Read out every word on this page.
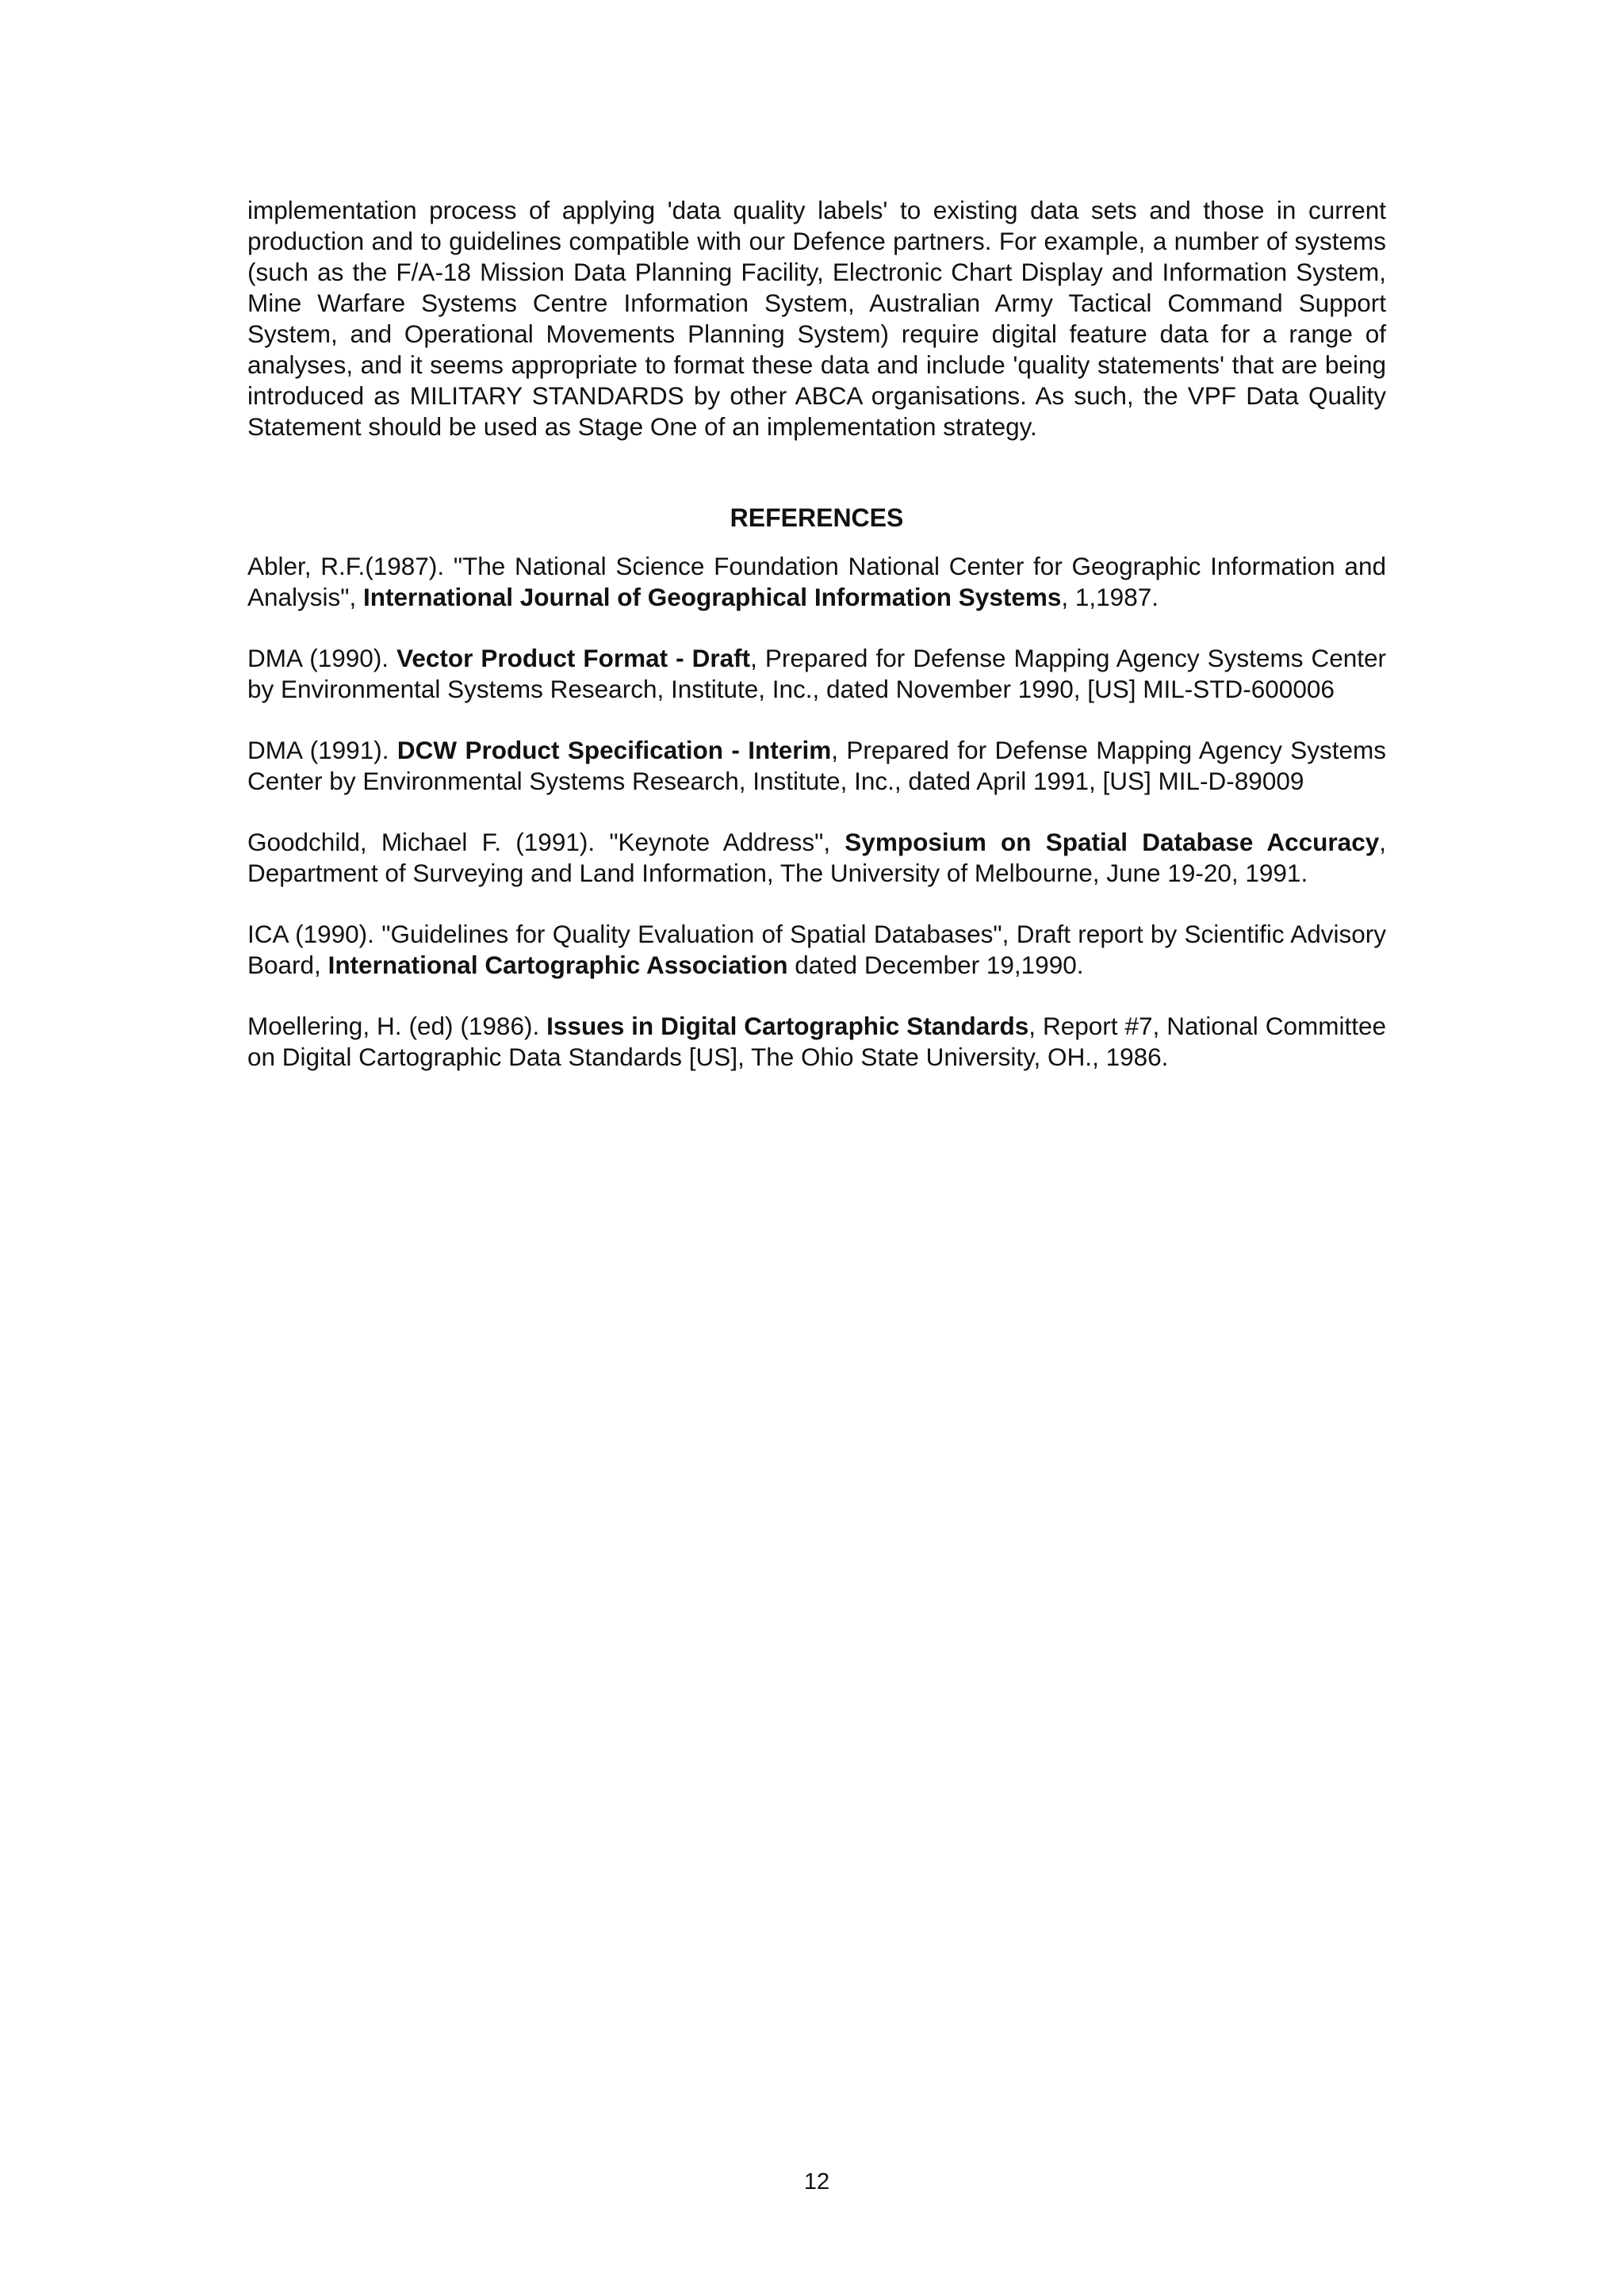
implementation process of applying 'data quality labels' to existing data sets and those in current production and to guidelines compatible with our Defence partners. For example, a number of systems (such as the F/A-18 Mission Data Planning Facility, Electronic Chart Display and Information System, Mine Warfare Systems Centre Information System, Australian Army Tactical Command Support System, and Operational Movements Planning System) require digital feature data for a range of analyses, and it seems appropriate to format these data and include 'quality statements' that are being introduced as MILITARY STANDARDS by other ABCA organisations. As such, the VPF Data Quality Statement should be used as Stage One of an implementation strategy.

REFERENCES

Abler, R.F.(1987). "The National Science Foundation National Center for Geographic Information and Analysis", International Journal of Geographical Information Systems, 1,1987.

DMA (1990). Vector Product Format - Draft, Prepared for Defense Mapping Agency Systems Center by Environmental Systems Research, Institute, Inc., dated November 1990, [US] MIL-STD-600006

DMA (1991). DCW Product Specification - Interim, Prepared for Defense Mapping Agency Systems Center by Environmental Systems Research, Institute, Inc., dated April 1991, [US] MIL-D-89009

Goodchild, Michael F. (1991). "Keynote Address", Symposium on Spatial Database Accuracy, Department of Surveying and Land Information, The University of Melbourne, June 19-20, 1991.

ICA (1990). "Guidelines for Quality Evaluation of Spatial Databases", Draft report by Scientific Advisory Board, International Cartographic Association dated December 19,1990.

Moellering, H. (ed) (1986). Issues in Digital Cartographic Standards, Report #7, National Committee on Digital Cartographic Data Standards [US], The Ohio State University, OH., 1986.

12
